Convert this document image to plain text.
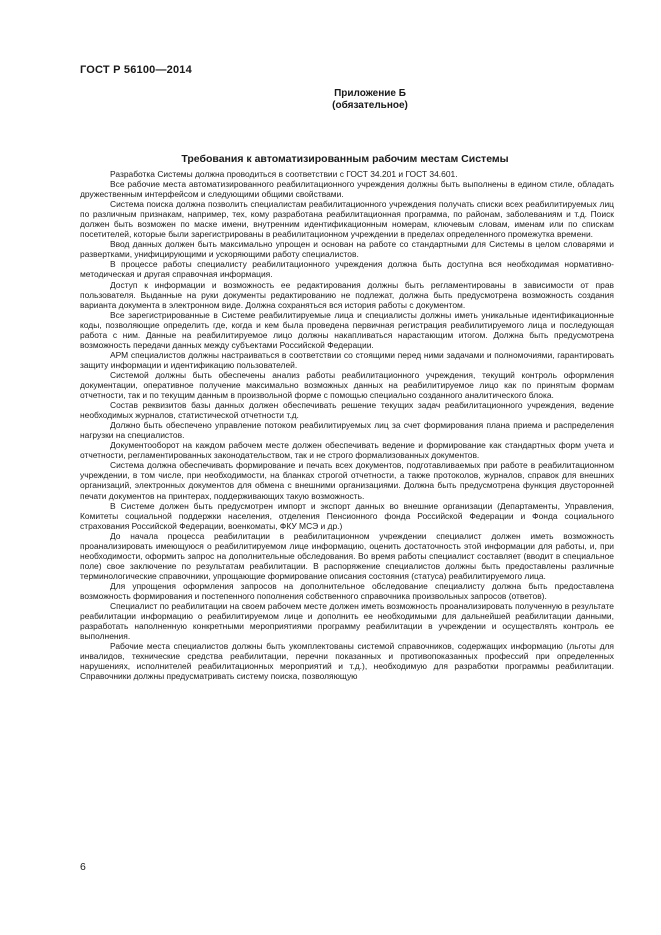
ГОСТ Р 56100—2014
Приложение Б
(обязательное)
Требования к автоматизированным рабочим местам Системы

Разработка Системы должна проводиться в соответствии с ГОСТ 34.201 и ГОСТ 34.601.

Все рабочие места автоматизированного реабилитационного учреждения должны быть выполнены в едином стиле, обладать дружественным интерфейсом и следующими общими свойствами.

Система поиска должна позволить специалистам реабилитационного учреждения получать списки всех реабилитируемых лиц по различным признакам, например, тех, кому разработана реабилитационная программа, по районам, заболеваниям и т.д. Поиск должен быть возможен по маске имени, внутренним идентификационным номерам, ключевым словам, именам или по спискам посетителей, которые были зарегистрированы в реабилитационном учреждении в пределах определенного промежутка времени.

Ввод данных должен быть максимально упрощен и основан на работе со стандартными для Системы в целом словарями и развертками, унифицирующими и ускоряющими работу специалистов.

В процессе работы специалисту реабилитационного учреждения должна быть доступна вся необходимая нормативно-методическая и другая справочная информация.

Доступ к информации и возможность ее редактирования должны быть регламентированы в зависимости от прав пользователя. Выданные на руки документы редактированию не подлежат, должна быть предусмотрена возможность создания варианта документа в электронном виде. Должна сохраняться вся история работы с документом.

Все зарегистрированные в Системе реабилитируемые лица и специалисты должны иметь уникальные идентификационные коды, позволяющие определить где, когда и кем была проведена первичная регистрация реабилитируемого лица и последующая работа с ним. Данные на реабилитируемое лицо должны накапливаться нарастающим итогом. Должна быть предусмотрена возможность передачи данных между субъектами Российской Федерации.

АРМ специалистов должны настраиваться в соответствии со стоящими перед ними задачами и полномочиями, гарантировать защиту информации и идентификацию пользователей.

Системой должны быть обеспечены анализ работы реабилитационного учреждения, текущий контроль оформления документации, оперативное получение максимально возможных данных на реабилитируемое лицо как по принятым формам отчетности, так и по текущим данным в произвольной форме с помощью специально созданного аналитического блока.

Состав реквизитов базы данных должен обеспечивать решение текущих задач реабилитационного учреждения, ведение необходимых журналов, статистической отчетности т.д.

Должно быть обеспечено управление потоком реабилитируемых лиц за счет формирования плана приема и распределения нагрузки на специалистов.

Документооборот на каждом рабочем месте должен обеспечивать ведение и формирование как стандартных форм учета и отчетности, регламентированных законодательством, так и не строго формализованных документов.

Система должна обеспечивать формирование и печать всех документов, подготавливаемых при работе в реабилитационном учреждении, в том числе, при необходимости, на бланках строгой отчетности, а также протоколов, журналов, справок для внешних организаций, электронных документов для обмена с внешними организациями. Должна быть предусмотрена функция двусторонней печати документов на принтерах, поддерживающих такую возможность.

В Системе должен быть предусмотрен импорт и экспорт данных во внешние организации (Департаменты, Управления, Комитеты социальной поддержки населения, отделения Пенсионного фонда Российской Федерации и Фонда социального страхования Российской Федерации, военкоматы, ФКУ МСЭ и др.)

До начала процесса реабилитации в реабилитационном учреждении специалист должен иметь возможность проанализировать имеющуюся о реабилитируемом лице информацию, оценить достаточность этой информации для работы, и, при необходимости, оформить запрос на дополнительные обследования. Во время работы специалист составляет (вводит в специальное поле) свое заключение по результатам реабилитации. В распоряжение специалистов должны быть предоставлены различные терминологические справочники, упрощающие формирование описания состояния (статуса) реабилитируемого лица.

Для упрощения оформления запросов на дополнительное обследование специалисту должна быть предоставлена возможность формирования и постепенного пополнения собственного справочника произвольных запросов (ответов).

Специалист по реабилитации на своем рабочем месте должен иметь возможность проанализировать полученную в результате реабилитации информацию о реабилитируемом лице и дополнить ее необходимыми для дальнейшей реабилитации данными, разработать наполненную конкретными мероприятиями программу реабилитации в учреждении и осуществлять контроль ее выполнения.

Рабочие места специалистов должны быть укомплектованы системой справочников, содержащих информацию (льготы для инвалидов, технические средства реабилитации, перечни показанных и противопоказанных профессий при определенных нарушениях, исполнителей реабилитационных мероприятий и т.д.), необходимую для разработки программы реабилитации. Справочники должны предусматривать систему поиска, позволяющую

6
